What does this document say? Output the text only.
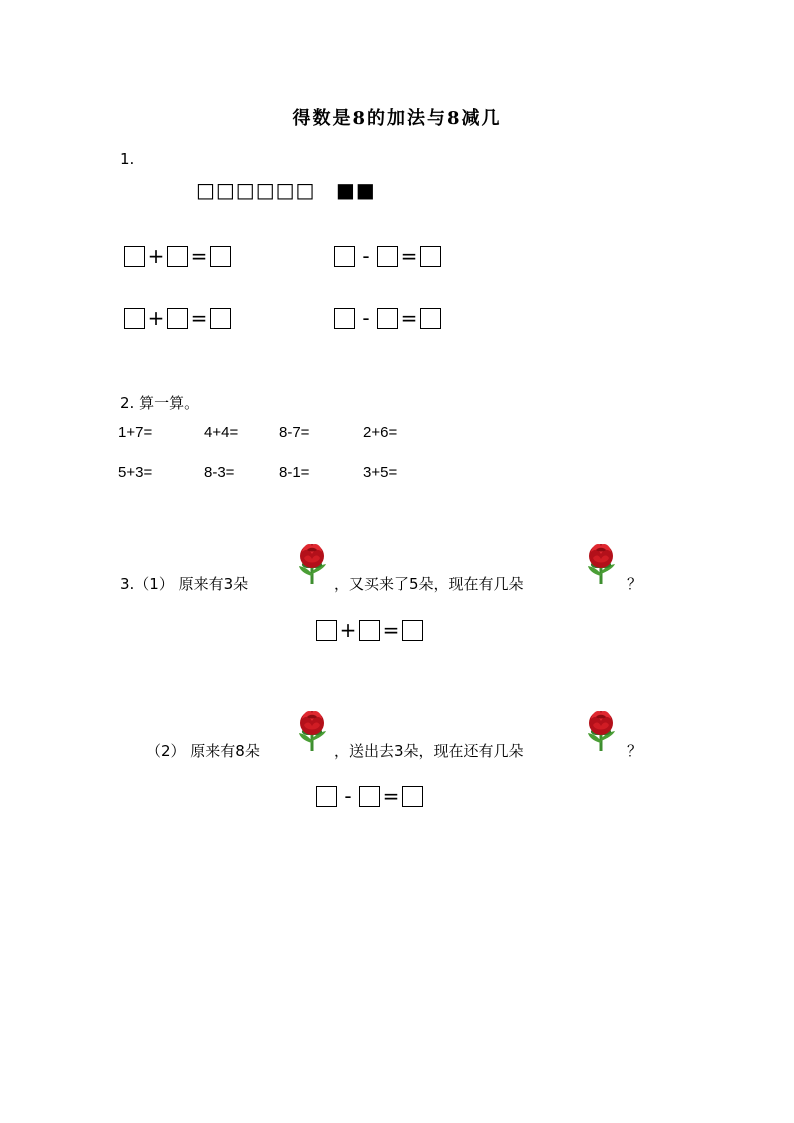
得数是8的加法与8减几
1.
□□□□□□ ■■
+ =	-	=
+ =	-	=
2. 算一算。
1+7=	4+4=	8-7=	2+6=
5+3=	8-3=	8-1=	3+5=
3.（1） 原来有3朵	，又买来了5朵，现在有几朵	？
+ =
（2） 原来有8朵	，送出去3朵，现在还有几朵	？
-	=
